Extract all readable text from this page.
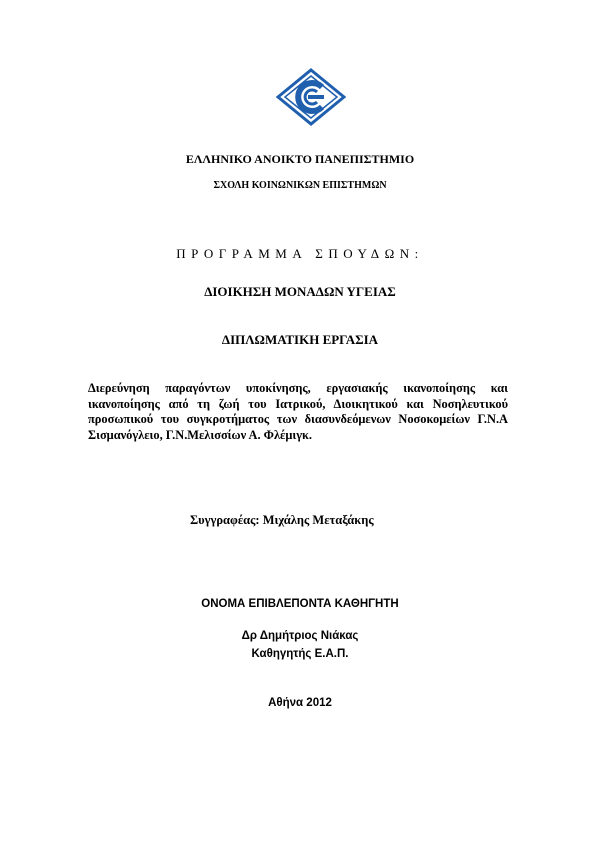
ΕΛΛΗΝΙΚΟ ΑΝΟΙΚΤΟ ΠΑΝΕΠΙΣΤΗΜΙΟ
ΣΧΟΛΗ ΚΟΙΝΩΝΙΚΩΝ ΕΠΙΣΤΗΜΩΝ
ΠΡΟΓΡΑΜΜΑ ΣΠΟΥΔΩΝ:
ΔΙΟΙΚΗΣΗ ΜΟΝΑΔΩΝ ΥΓΕΙΑΣ
ΔΙΠΛΩΜΑΤΙΚΗ ΕΡΓΑΣΙΑ
Διερεύνηση παραγόντων υποκίνησης, εργασιακής ικανοποίησης και ικανοποίησης από τη ζωή του Ιατρικού, Διοικητικού και Νοσηλευτικού προσωπικού του συγκροτήματος των διασυνδεόμενων Νοσοκομείων Γ.Ν.Α Σισμανόγλειο, Γ.Ν.Μελισσίων Α. Φλέμιγκ.
Συγγραφέας: Μιχάλης Μεταξάκης
ΟΝΟΜΑ ΕΠΙΒΛΕΠΟΝΤΑ ΚΑΘΗΓΗΤΗ
Δρ Δημήτριος Νιάκας
Καθηγητής Ε.Α.Π.
Αθήνα 2012
